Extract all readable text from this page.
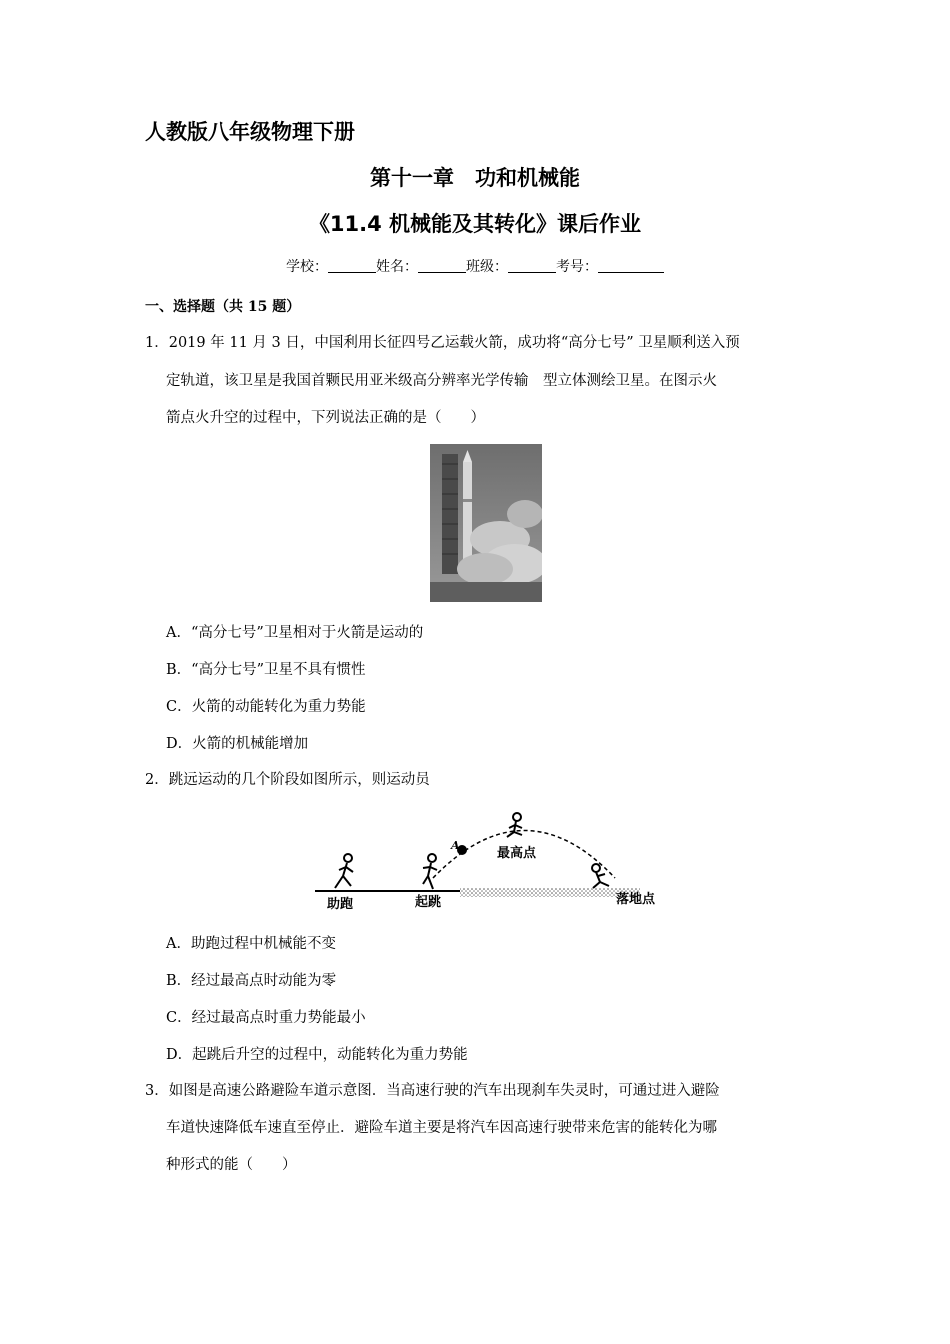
人教版八年级物理下册
第十一章　功和机械能
《11.4 机械能及其转化》课后作业
学校：	姓名：	班级：	考号：
一、选择题（共 15 题）
1．2019 年 11 月 3 日，中国利用长征四号乙运载火箭，成功将“高分七号” 卫星顺利送入预
定轨道，该卫星是我国首颗民用亚米级高分辨率光学传输　型立体测绘卫星。在图示火
箭点火升空的过程中，下列说法正确的是（　　）
A．“高分七号”卫星相对于火箭是运动的
B．“高分七号”卫星不具有惯性
C．火箭的动能转化为重力势能
D．火箭的机械能增加
2．跳远运动的几个阶段如图所示，则运动员
助跑	起跳
最高点
落地点
A
A．助跑过程中机械能不变
B．经过最高点时动能为零
C．经过最高点时重力势能最小
D．起跳后升空的过程中，动能转化为重力势能
3．如图是高速公路避险车道示意图．当高速行驶的汽车出现刹车失灵时，可通过进入避险
车道快速降低车速直至停止．避险车道主要是将汽车因高速行驶带来危害的能转化为哪
种形式的能（　　）
